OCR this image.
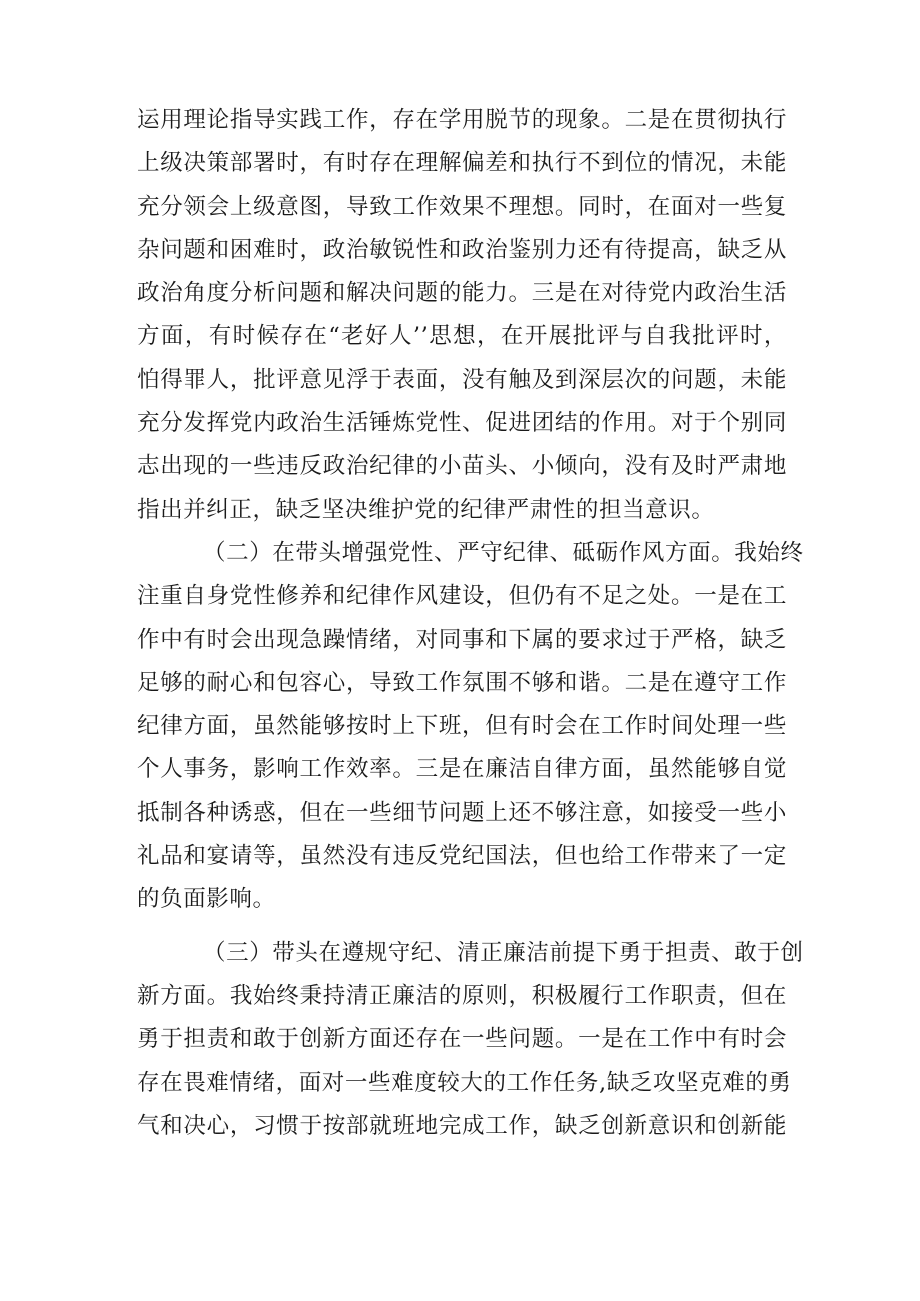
运用理论指导实践工作，存在学用脱节的现象。二是在贯彻执行
上级决策部署时，有时存在理解偏差和执行不到位的情况，未能
充分领会上级意图，导致工作效果不理想。同时，在面对一些复
杂问题和困难时，政治敏锐性和政治鉴别力还有待提高，缺乏从
政治角度分析问题和解决问题的能力。三是在对待党内政治生活
方面，有时候存在“老好人’’思想，在开展批评与自我批评时，
怕得罪人，批评意见浮于表面，没有触及到深层次的问题，未能
充分发挥党内政治生活锤炼党性、促进团结的作用。对于个别同
志出现的一些违反政治纪律的小苗头、小倾向，没有及时严肃地
指出并纠正，缺乏坚决维护党的纪律严肃性的担当意识。
（二）在带头增强党性、严守纪律、砥砺作风方面。我始终
注重自身党性修养和纪律作风建设，但仍有不足之处。一是在工
作中有时会出现急躁情绪，对同事和下属的要求过于严格，缺乏
足够的耐心和包容心，导致工作氛围不够和谐。二是在遵守工作
纪律方面，虽然能够按时上下班，但有时会在工作时间处理一些
个人事务，影响工作效率。三是在廉洁自律方面，虽然能够自觉
抵制各种诱惑，但在一些细节问题上还不够注意，如接受一些小
礼品和宴请等，虽然没有违反党纪国法，但也给工作带来了一定
的负面影响。
（三）带头在遵规守纪、清正廉洁前提下勇于担责、敢于创
新方面。我始终秉持清正廉洁的原则，积极履行工作职责，但在
勇于担责和敢于创新方面还存在一些问题。一是在工作中有时会
存在畏难情绪，面对一些难度较大的工作任务,缺乏攻坚克难的勇
气和决心，习惯于按部就班地完成工作，缺乏创新意识和创新能
